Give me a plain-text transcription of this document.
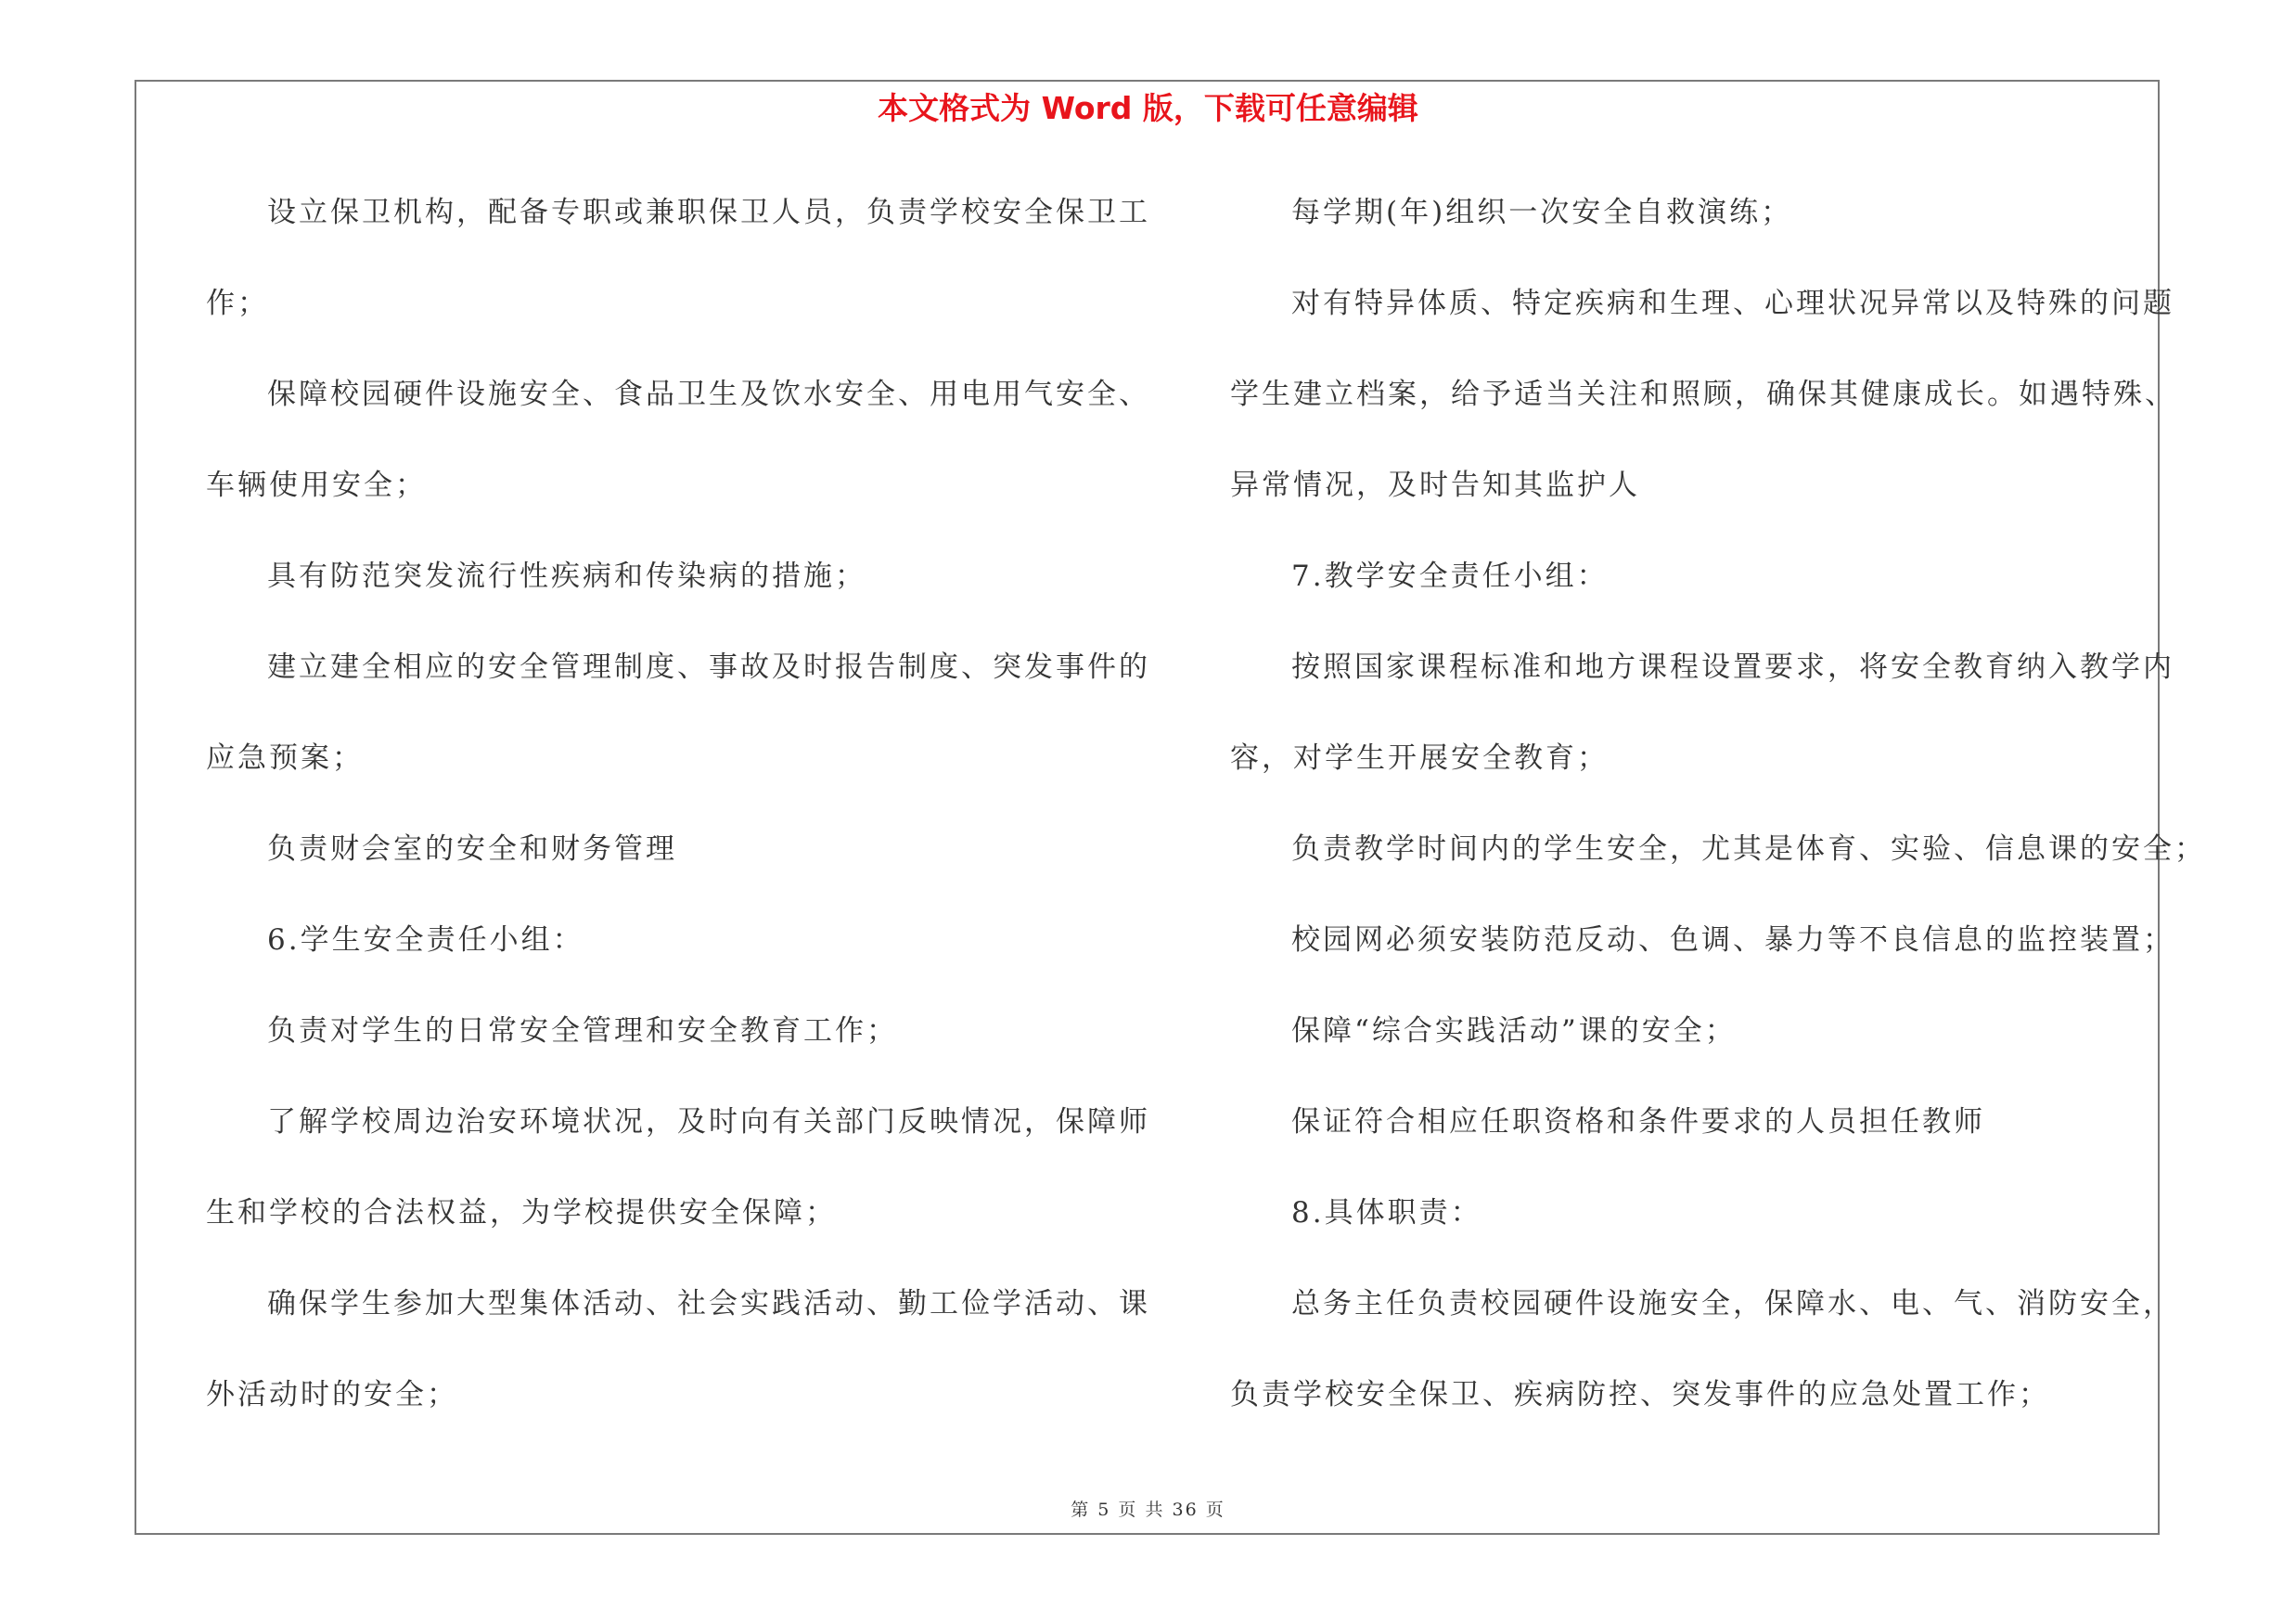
本文格式为 Word 版，下载可任意编辑
设立保卫机构，配备专职或兼职保卫人员，负责学校安全保卫工
作；
保障校园硬件设施安全、食品卫生及饮水安全、用电用气安全、
车辆使用安全；
具有防范突发流行性疾病和传染病的措施；
建立建全相应的安全管理制度、事故及时报告制度、突发事件的
应急预案；
负责财会室的安全和财务管理
6.学生安全责任小组：
负责对学生的日常安全管理和安全教育工作；
了解学校周边治安环境状况，及时向有关部门反映情况，保障师
生和学校的合法权益，为学校提供安全保障；
确保学生参加大型集体活动、社会实践活动、勤工俭学活动、课
外活动时的安全；
每学期(年)组织一次安全自救演练；
对有特异体质、特定疾病和生理、心理状况异常以及特殊的问题
学生建立档案，给予适当关注和照顾，确保其健康成长。如遇特殊、
异常情况，及时告知其监护人
7.教学安全责任小组：
按照国家课程标准和地方课程设置要求，将安全教育纳入教学内
容，对学生开展安全教育；
负责教学时间内的学生安全，尤其是体育、实验、信息课的安全；
校园网必须安装防范反动、色调、暴力等不良信息的监控装置；
保障“综合实践活动”课的安全；
保证符合相应任职资格和条件要求的人员担任教师
8.具体职责：
总务主任负责校园硬件设施安全，保障水、电、气、消防安全，
负责学校安全保卫、疾病防控、突发事件的应急处置工作；
第 5 页 共 36 页
